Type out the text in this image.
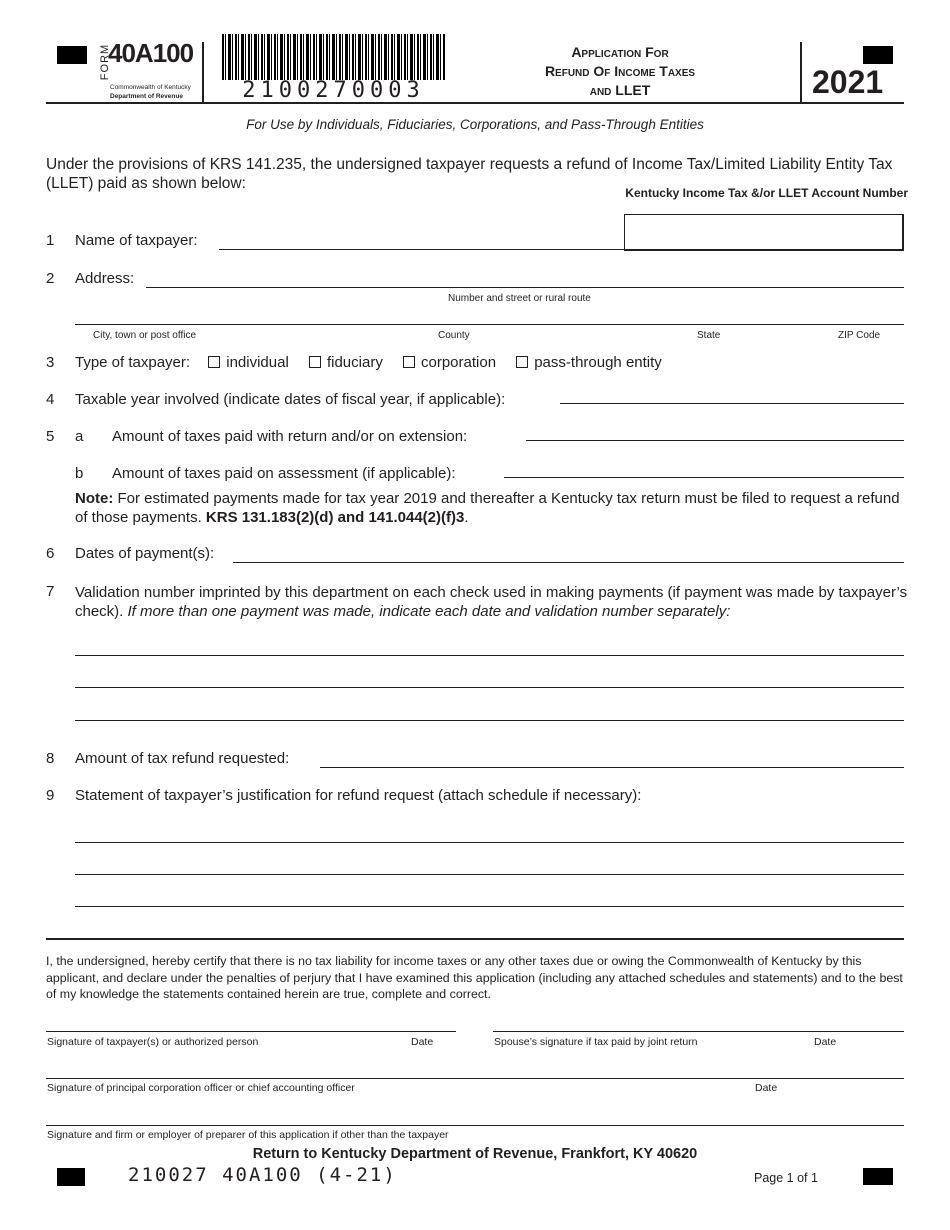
FORM
40A100
Commonwealth of Kentucky
Department of Revenue	2100270003
Application For
Refund Of Income Taxes
and LLET	2021
For Use by Individuals, Fiduciaries, Corporations, and Pass-Through Entities
Under the provisions of KRS 141.235, the undersigned taxpayer requests a refund of Income Tax/Limited Liability Entity Tax (LLET) paid as shown below:
Kentucky Income Tax &/or LLET Account Number
1 Name of taxpayer:
2 Address:
Number and street or rural route
City, town or post office	County	State	ZIP Code
3 Type of taxpayer: individual	fiduciary	corporation	pass-through entity
4 Taxable year involved (indicate dates of fiscal year, if applicable):
5 a Amount of taxes paid with return and/or on extension:
b Amount of taxes paid on assessment (if applicable):
Note: For estimated payments made for tax year 2019 and thereafter a Kentucky tax return must be filed to request a refund of those payments. KRS 131.183(2)(d) and 141.044(2)(f)3.
6 Dates of payment(s):
7 Validation number imprinted by this department on each check used in making payments (if payment was made by taxpayer’s check). If more than one payment was made, indicate each date and validation number separately:
8 Amount of tax refund requested:
9 Statement of taxpayer’s justification for refund request (attach schedule if necessary):
I, the undersigned, hereby certify that there is no tax liability for income taxes or any other taxes due or owing the Commonwealth of Kentucky by this applicant, and declare under the penalties of perjury that I have examined this application (including any attached schedules and statements) and to the best of my knowledge the statements contained herein are true, complete and correct.
Signature of taxpayer(s) or authorized person	Date	Spouse’s signature if tax paid by joint return	Date
Signature of principal corporation officer or chief accounting officer	Date
Signature and firm or employer of preparer of this application if other than the taxpayer
Return to Kentucky Department of Revenue, Frankfort, KY 40620
210027 40A100 (4-21)	Page 1 of 1
